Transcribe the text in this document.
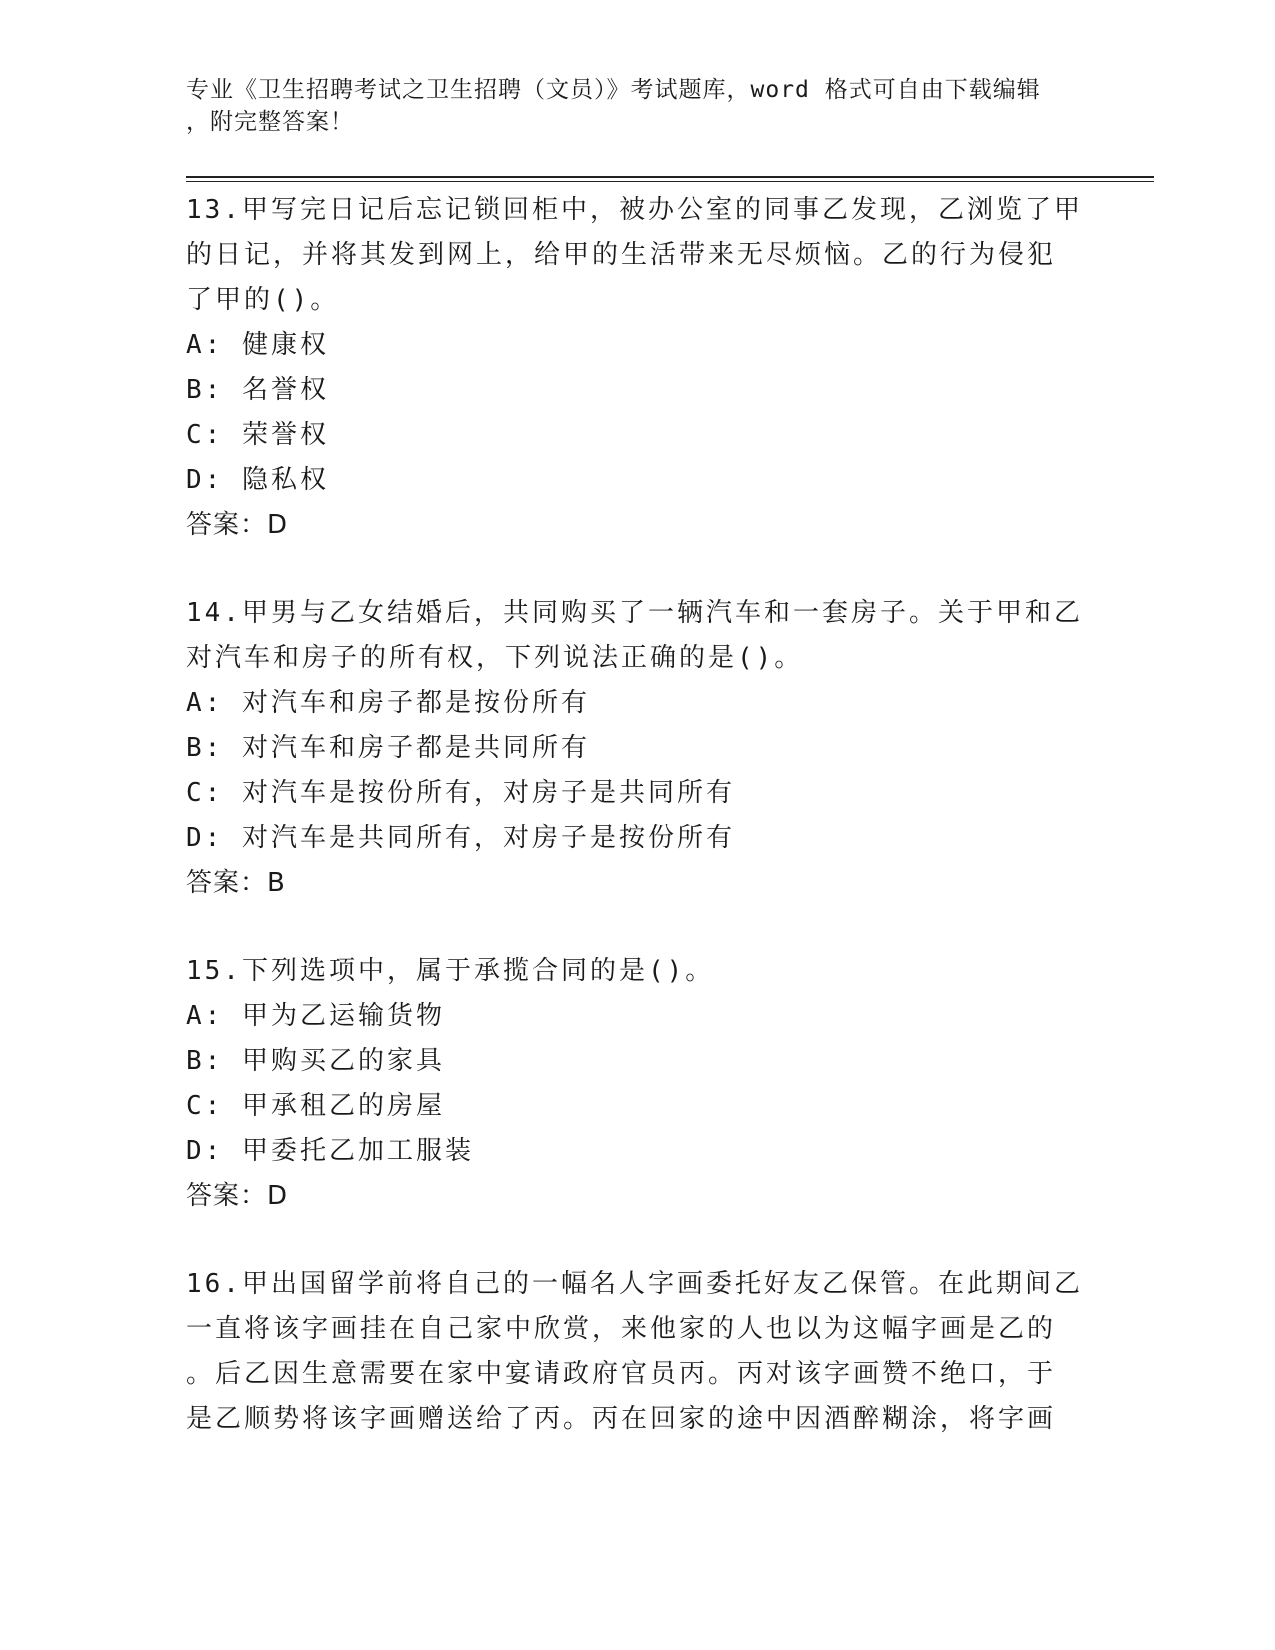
专业《卫生招聘考试之卫生招聘（文员）》考试题库，word 格式可自由下载编辑
，附完整答案！

13.甲写完日记后忘记锁回柜中，被办公室的同事乙发现，乙浏览了甲

的日记，并将其发到网上，给甲的生活带来无尽烦恼。乙的行为侵犯

了甲的()。

A: 健康权

B: 名誉权

C: 荣誉权

D: 隐私权

答案：D

14.甲男与乙女结婚后，共同购买了一辆汽车和一套房子。关于甲和乙

对汽车和房子的所有权，下列说法正确的是()。

A: 对汽车和房子都是按份所有

B: 对汽车和房子都是共同所有

C: 对汽车是按份所有，对房子是共同所有

D: 对汽车是共同所有，对房子是按份所有

答案：B

15.下列选项中，属于承揽合同的是()。

A: 甲为乙运输货物

B: 甲购买乙的家具

C: 甲承租乙的房屋

D: 甲委托乙加工服装

答案：D

16.甲出国留学前将自己的一幅名人字画委托好友乙保管。在此期间乙

一直将该字画挂在自己家中欣赏，来他家的人也以为这幅字画是乙的

。后乙因生意需要在家中宴请政府官员丙。丙对该字画赞不绝口，于

是乙顺势将该字画赠送给了丙。丙在回家的途中因酒醉糊涂，将字画
